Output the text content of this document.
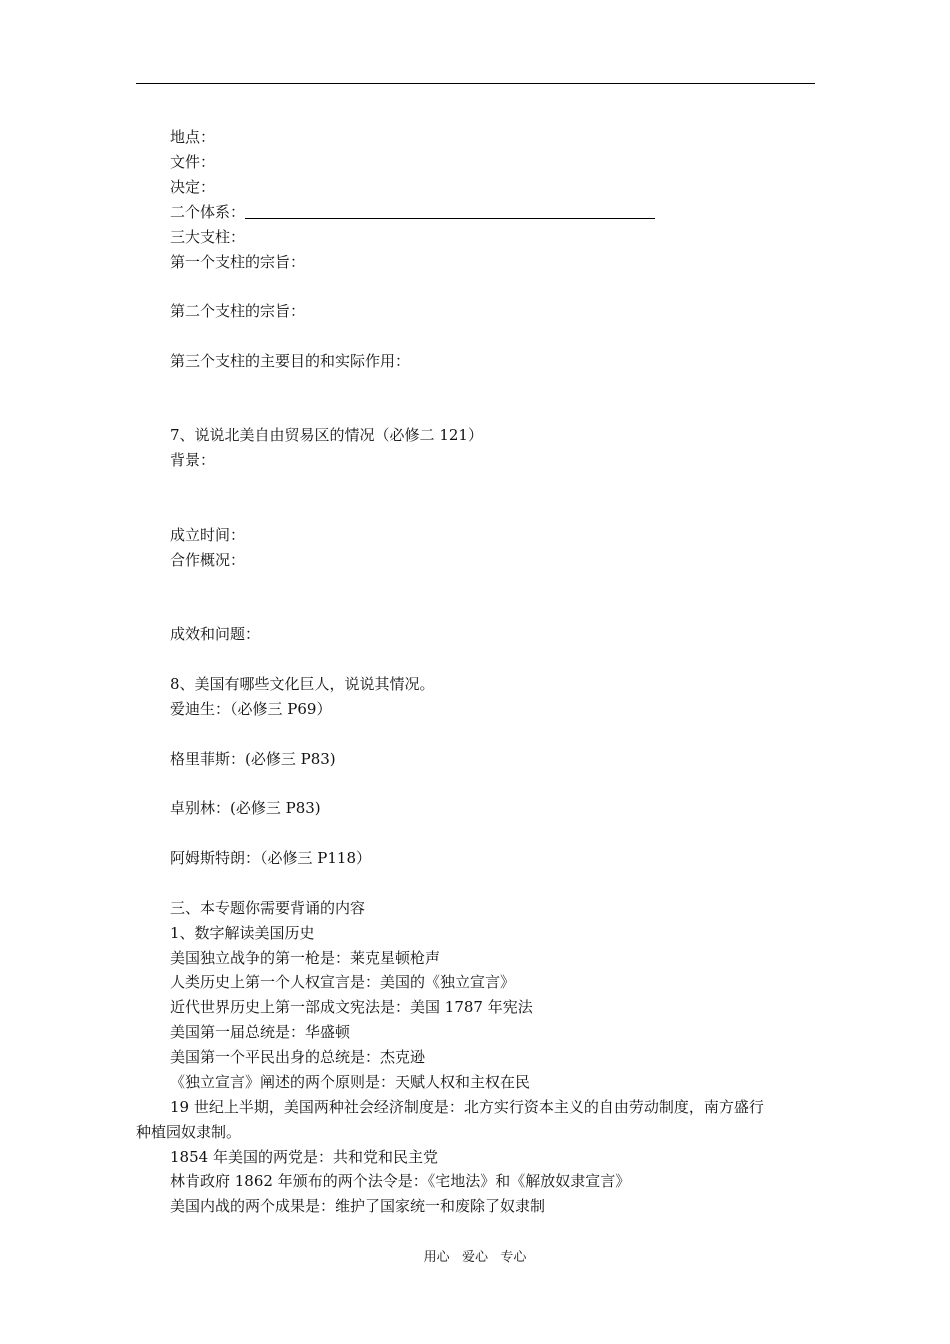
地点：
文件：
决定：
二个体系：
三大支柱：
第一个支柱的宗旨：
第二个支柱的宗旨：
第三个支柱的主要目的和实际作用：
7、说说北美自由贸易区的情况（必修二 121）
背景：
成立时间：
合作概况：
成效和问题：
8、美国有哪些文化巨人，说说其情况。
爱迪生：（必修三 P69）
格里菲斯：(必修三 P83)
卓别林：(必修三 P83)
阿姆斯特朗：（必修三 P118）
三、本专题你需要背诵的内容
1、数字解读美国历史
美国独立战争的第一枪是：莱克星顿枪声
人类历史上第一个人权宣言是：美国的《独立宣言》
近代世界历史上第一部成文宪法是：美国 1787 年宪法
美国第一届总统是：华盛顿
美国第一个平民出身的总统是：杰克逊
《独立宣言》阐述的两个原则是：天赋人权和主权在民
19 世纪上半期，美国两种社会经济制度是：北方实行资本主义的自由劳动制度，南方盛行
种植园奴隶制。
1854 年美国的两党是：共和党和民主党
林肯政府 1862 年颁布的两个法令是：《宅地法》和《解放奴隶宣言》
美国内战的两个成果是：维护了国家统一和废除了奴隶制
用心   爱心   专心
